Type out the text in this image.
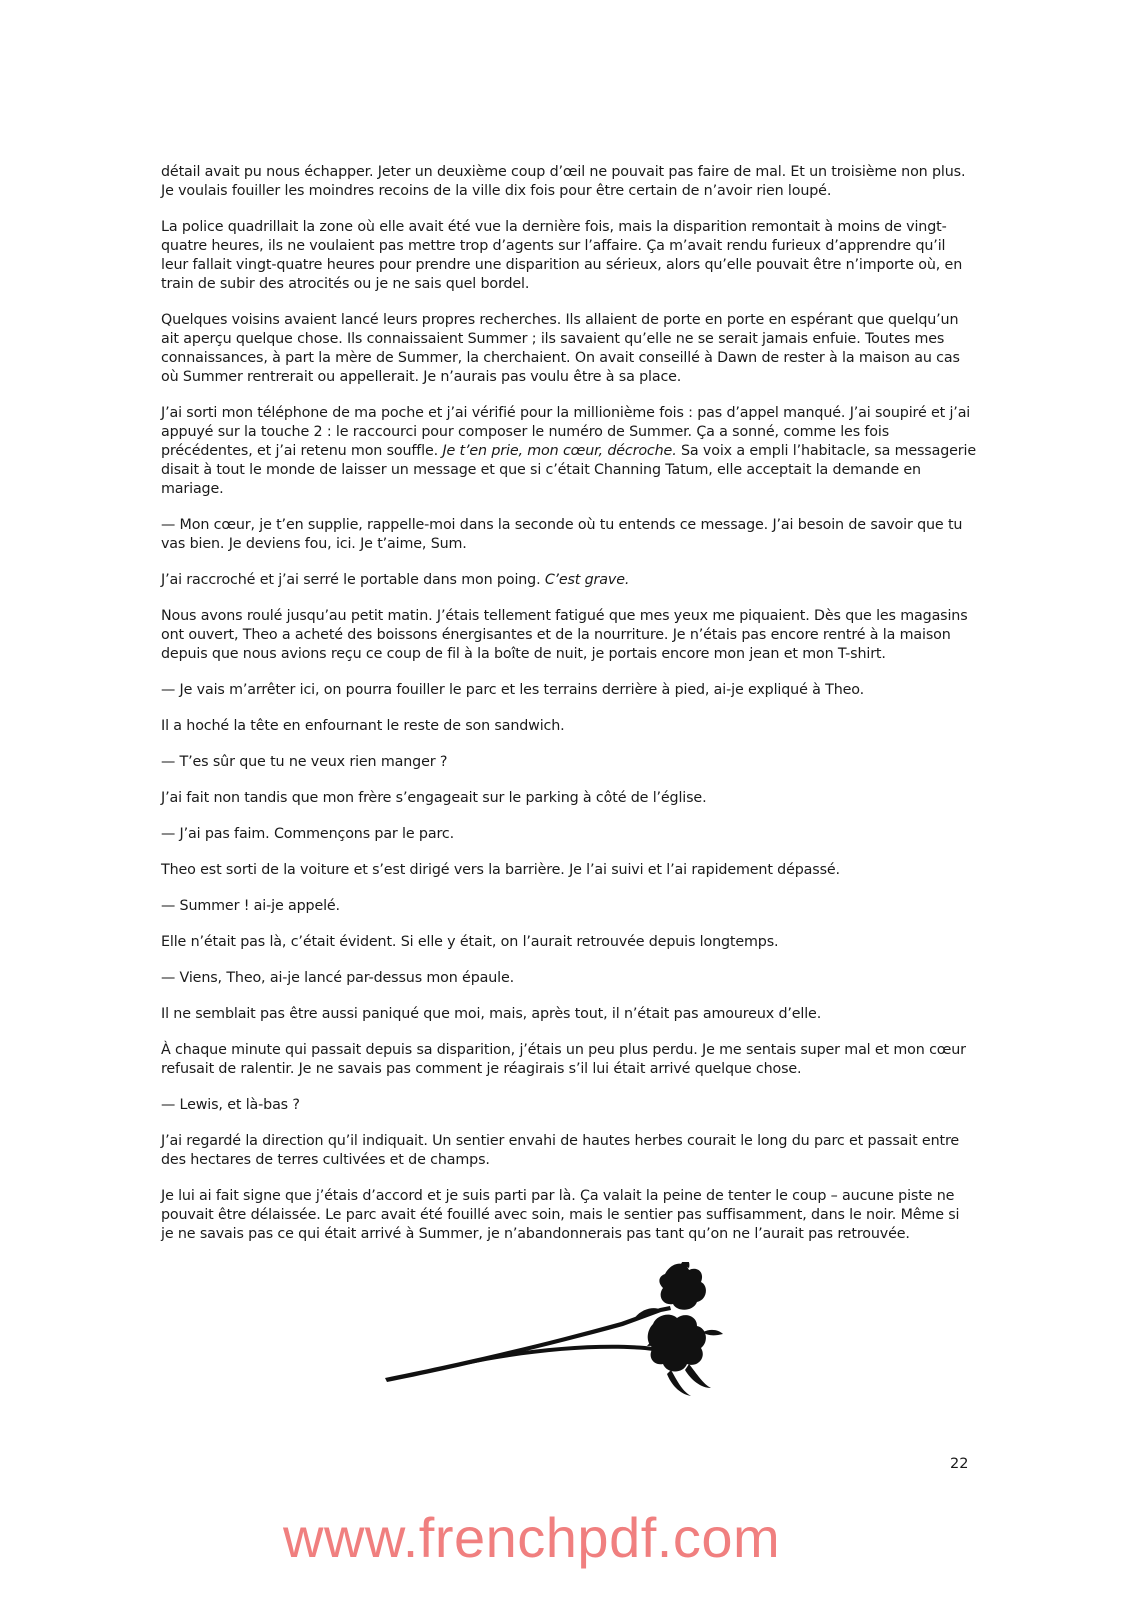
détail avait pu nous échapper. Jeter un deuxième coup d’œil ne pouvait pas faire de mal. Et un troisième non plus. Je voulais fouiller les moindres recoins de la ville dix fois pour être certain de n’avoir rien loupé.

La police quadrillait la zone où elle avait été vue la dernière fois, mais la disparition remontait à moins de vingt-quatre heures, ils ne voulaient pas mettre trop d’agents sur l’affaire. Ça m’avait rendu furieux d’apprendre qu’il leur fallait vingt-quatre heures pour prendre une disparition au sérieux, alors qu’elle pouvait être n’importe où, en train de subir des atrocités ou je ne sais quel bordel.

Quelques voisins avaient lancé leurs propres recherches. Ils allaient de porte en porte en espérant que quelqu’un ait aperçu quelque chose. Ils connaissaient Summer ; ils savaient qu’elle ne se serait jamais enfuie. Toutes mes connaissances, à part la mère de Summer, la cherchaient. On avait conseillé à Dawn de rester à la maison au cas où Summer rentrerait ou appellerait. Je n’aurais pas voulu être à sa place.

J’ai sorti mon téléphone de ma poche et j’ai vérifié pour la millionième fois : pas d’appel manqué. J’ai soupiré et j’ai appuyé sur la touche 2 : le raccourci pour composer le numéro de Summer. Ça a sonné, comme les fois précédentes, et j’ai retenu mon souffle. Je t’en prie, mon cœur, décroche. Sa voix a empli l’habitacle, sa messagerie disait à tout le monde de laisser un message et que si c’était Channing Tatum, elle acceptait la demande en mariage.

— Mon cœur, je t’en supplie, rappelle-moi dans la seconde où tu entends ce message. J’ai besoin de savoir que tu vas bien. Je deviens fou, ici. Je t’aime, Sum.

J’ai raccroché et j’ai serré le portable dans mon poing. C’est grave.

Nous avons roulé jusqu’au petit matin. J’étais tellement fatigué que mes yeux me piquaient. Dès que les magasins ont ouvert, Theo a acheté des boissons énergisantes et de la nourriture. Je n’étais pas encore rentré à la maison depuis que nous avions reçu ce coup de fil à la boîte de nuit, je portais encore mon jean et mon T-shirt.

— Je vais m’arrêter ici, on pourra fouiller le parc et les terrains derrière à pied, ai-je expliqué à Theo.

Il a hoché la tête en enfournant le reste de son sandwich.

— T’es sûr que tu ne veux rien manger ?

J’ai fait non tandis que mon frère s’engageait sur le parking à côté de l’église.

— J’ai pas faim. Commençons par le parc.

Theo est sorti de la voiture et s’est dirigé vers la barrière. Je l’ai suivi et l’ai rapidement dépassé.

— Summer ! ai-je appelé.

Elle n’était pas là, c’était évident. Si elle y était, on l’aurait retrouvée depuis longtemps.

— Viens, Theo, ai-je lancé par-dessus mon épaule.

Il ne semblait pas être aussi paniqué que moi, mais, après tout, il n’était pas amoureux d’elle.

À chaque minute qui passait depuis sa disparition, j’étais un peu plus perdu. Je me sentais super mal et mon cœur refusait de ralentir. Je ne savais pas comment je réagirais s’il lui était arrivé quelque chose.

— Lewis, et là-bas ?

J’ai regardé la direction qu’il indiquait. Un sentier envahi de hautes herbes courait le long du parc et passait entre des hectares de terres cultivées et de champs.

Je lui ai fait signe que j’étais d’accord et je suis parti par là. Ça valait la peine de tenter le coup – aucune piste ne pouvait être délaissée. Le parc avait été fouillé avec soin, mais le sentier pas suffisamment, dans le noir. Même si je ne savais pas ce qui était arrivé à Summer, je n’abandonnerais pas tant qu’on ne l’aurait pas retrouvée.

22
www.frenchpdf.com
